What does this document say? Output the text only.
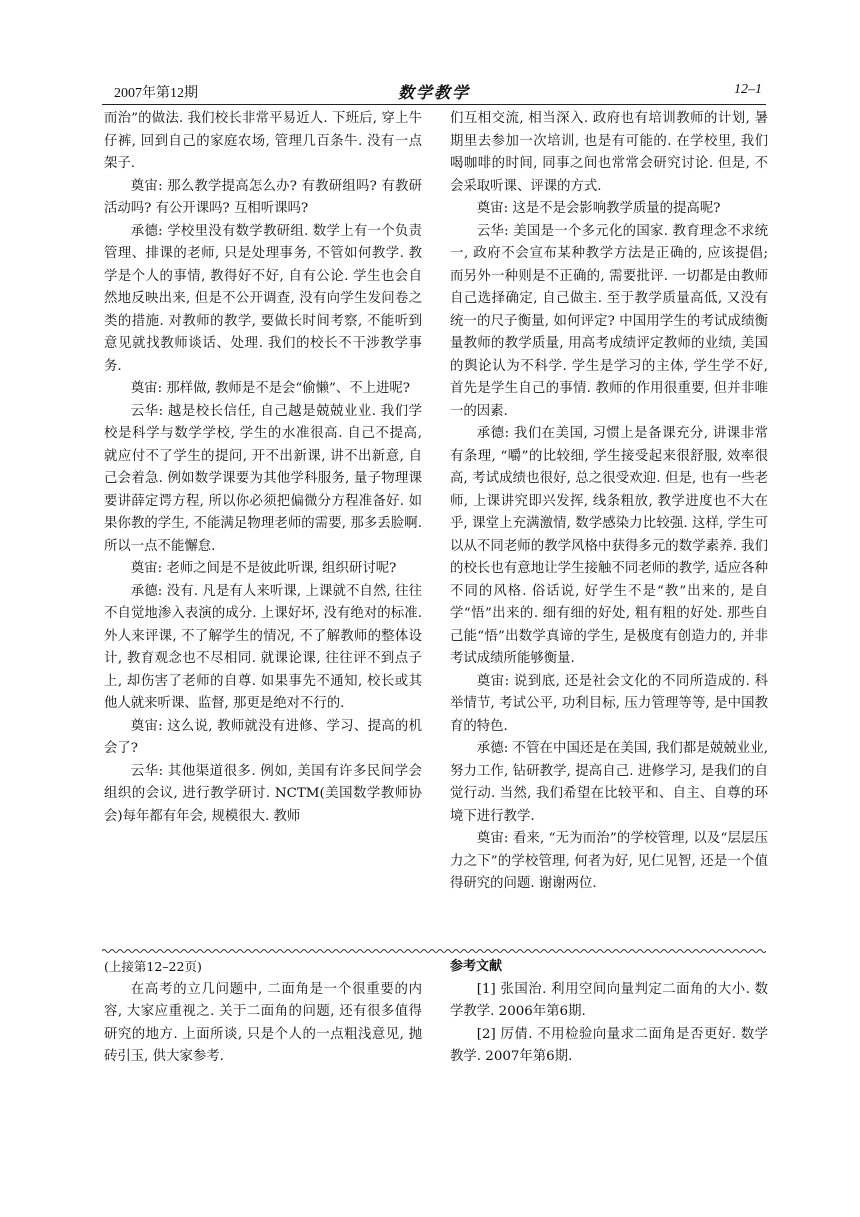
2007年第12期	数学教学	12–1

而治”的做法. 我们校长非常平易近人. 下班后, 穿上牛仔裤, 回到自己的家庭农场, 管理几百条牛. 没有一点架子.

奠宙: 那么教学提高怎么办? 有教研组吗? 有教研活动吗? 有公开课吗? 互相听课吗?

承德: 学校里没有数学教研组. 数学上有一个负责管理、排课的老师, 只是处理事务, 不管如何教学. 教学是个人的事情, 教得好不好, 自有公论. 学生也会自然地反映出来, 但是不公开调查, 没有向学生发问卷之类的措施. 对教师的教学, 要做长时间考察, 不能听到意见就找教师谈话、处理. 我们的校长不干涉教学事务.

奠宙: 那样做, 教师是不是会“偷懒”、不上进呢?

云华: 越是校长信任, 自己越是兢兢业业. 我们学校是科学与数学学校, 学生的水准很高. 自己不提高, 就应付不了学生的提问, 开不出新课, 讲不出新意, 自己会着急. 例如数学课要为其他学科服务, 量子物理课要讲薛定谔方程, 所以你必须把偏微分方程准备好. 如果你教的学生, 不能满足物理老师的需要, 那多丢脸啊. 所以一点不能懈怠.

奠宙: 老师之间是不是彼此听课, 组织研讨呢?

承德: 没有. 凡是有人来听课, 上课就不自然, 往往不自觉地渗入表演的成分. 上课好坏, 没有绝对的标准. 外人来评课, 不了解学生的情况, 不了解教师的整体设计, 教育观念也不尽相同. 就课论课, 往往评不到点子上, 却伤害了老师的自尊. 如果事先不通知, 校长或其他人就来听课、监督, 那更是绝对不行的.

奠宙: 这么说, 教师就没有进修、学习、提高的机会了?

云华: 其他渠道很多. 例如, 美国有许多民间学会组织的会议, 进行教学研讨. NCTM(美国数学教师协会)每年都有年会, 规模很大. 教师

们互相交流, 相当深入. 政府也有培训教师的计划, 暑期里去参加一次培训, 也是有可能的. 在学校里, 我们喝咖啡的时间, 同事之间也常常会研究讨论. 但是, 不会采取听课、评课的方式.

奠宙: 这是不是会影响教学质量的提高呢?

云华: 美国是一个多元化的国家. 教育理念不求统一, 政府不会宣布某种教学方法是正确的, 应该提倡; 而另外一种则是不正确的, 需要批评. 一切都是由教师自己选择确定, 自己做主. 至于教学质量高低, 又没有统一的尺子衡量, 如何评定? 中国用学生的考试成绩衡量教师的教学质量, 用高考成绩评定教师的业绩, 美国的舆论认为不科学. 学生是学习的主体, 学生学不好, 首先是学生自己的事情. 教师的作用很重要, 但并非唯一的因素.

承德: 我们在美国, 习惯上是备课充分, 讲课非常有条理, “嚼”的比较细, 学生接受起来很舒服, 效率很高, 考试成绩也很好, 总之很受欢迎. 但是, 也有一些老师, 上课讲究即兴发挥, 线条粗放, 教学进度也不大在乎, 课堂上充满激情, 数学感染力比较强. 这样, 学生可以从不同老师的教学风格中获得多元的数学素养. 我们的校长也有意地让学生接触不同老师的教学, 适应各种不同的风格. 俗话说, 好学生不是“教”出来的, 是自学“悟”出来的. 细有细的好处, 粗有粗的好处. 那些自己能“悟”出数学真谛的学生, 是极度有创造力的, 并非考试成绩所能够衡量.

奠宙: 说到底, 还是社会文化的不同所造成的. 科举情节, 考试公平, 功利目标, 压力管理等等, 是中国教育的特色.

承德: 不管在中国还是在美国, 我们都是兢兢业业, 努力工作, 钻研教学, 提高自己. 进修学习, 是我们的自觉行动. 当然, 我们希望在比较平和、自主、自尊的环境下进行教学.

奠宙: 看来, “无为而治”的学校管理, 以及“层层压力之下”的学校管理, 何者为好, 见仁见智, 还是一个值得研究的问题. 谢谢两位.

(上接第12–22页)

在高考的立几问题中, 二面角是一个很重要的内容, 大家应重视之. 关于二面角的问题, 还有很多值得研究的地方. 上面所谈, 只是个人的一点粗浅意见, 抛砖引玉, 供大家参考.

参考文献

[1] 张国治. 利用空间向量判定二面角的大小. 数学教学. 2006年第6期.

[2] 厉倩. 不用检验向量求二面角是否更好. 数学教学. 2007年第6期.
